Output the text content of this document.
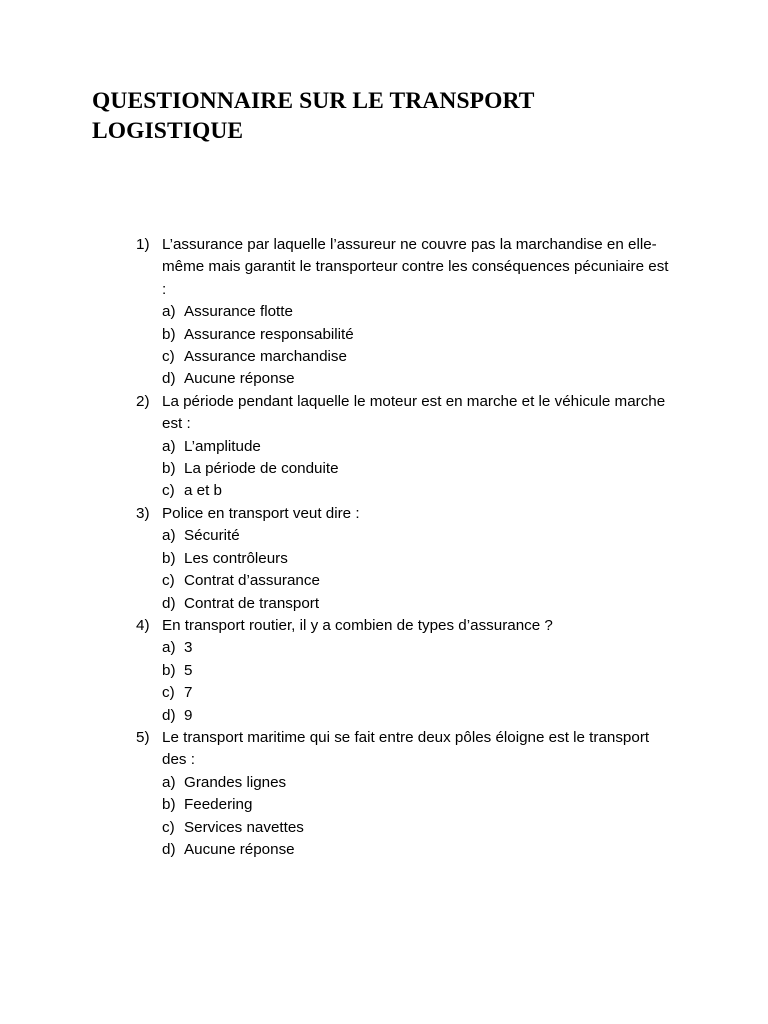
QUESTIONNAIRE SUR LE TRANSPORT LOGISTIQUE
1) L’assurance par laquelle l’assureur ne couvre pas la marchandise en elle-même mais garantit le transporteur contre les conséquences pécuniaire est :
a) Assurance flotte
b) Assurance responsabilité
c) Assurance marchandise
d) Aucune réponse
2) La période pendant laquelle le moteur est en marche et le véhicule marche est :
a) L’amplitude
b) La période de conduite
c) a et b
3) Police en transport veut dire :
a) Sécurité
b) Les contrôleurs
c) Contrat d’assurance
d) Contrat de transport
4) En transport routier, il y a combien de types d’assurance ?
a) 3
b) 5
c) 7
d) 9
5) Le transport maritime qui se fait entre deux pôles éloigne est le transport des :
a) Grandes lignes
b) Feedering
c) Services navettes
d) Aucune réponse
